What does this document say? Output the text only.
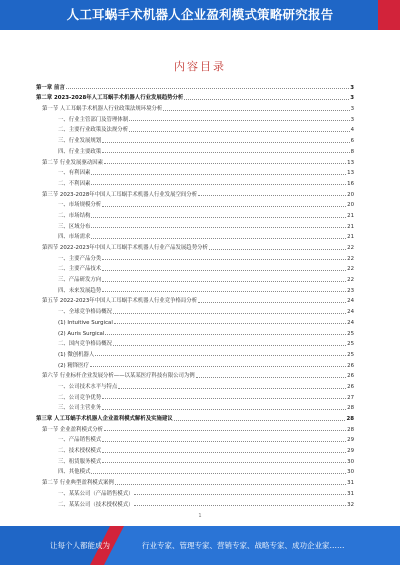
人工耳蜗手术机器人企业盈利模式策略研究报告
内容目录
第一章 前言	3
第二章 2023-2028年人工耳蜗手术机器人行业发展趋势分析	3
第一节 人工耳蜗手术机器人行业政策法规环境分析	3
一、行业主管部门及管理体制	3
二、主要行业政策及法规分析	4
三、行业发展规划	6
四、行业主要政策	8
第二节 行业发展驱动因素	13
一、有利因素	13
二、不利因素	16
第三节 2023-2028年中国人工耳蜗手术机器人行业发展空间分析	20
一、市场规模分析	20
二、市场结构	21
三、区域分布	21
四、市场需求	21
第四节 2022-2023年中国人工耳蜗手术机器人行业产品发展趋势分析	22
一、主要产品分类	22
二、主要产品技术	22
三、产品研发方向	22
四、未来发展趋势	23
第五节 2022-2023年中国人工耳蜗手术机器人行业竞争格局分析	24
一、全球竞争格局概况	24
(1) Intuitive Surgical	24
(2) Auris Surgical	25
二、国内竞争格局概况	25
(1) 微创机器人	25
(2) 精锋医疗	26
第六节 行业标杆企业发展分析——以某某医疗科技有限公司为例	26
一、公司技术水平与特点	26
二、公司竞争优势	27
三、公司主营业务	28
第三章 人工耳蜗手术机器人企业盈利模式解析及实施建议	28
第一节 企业盈利模式分析	28
一、产品销售模式	29
二、技术授权模式	29
三、租赁服务模式	30
四、其他模式	30
第二节 行业典型盈利模式案例	31
一、某某公司（产品销售模式）	31
二、某某公司（技术授权模式）	32
1
让每个人都能成为	行业专家、管理专家、营销专家、战略专家、成功企业家……
